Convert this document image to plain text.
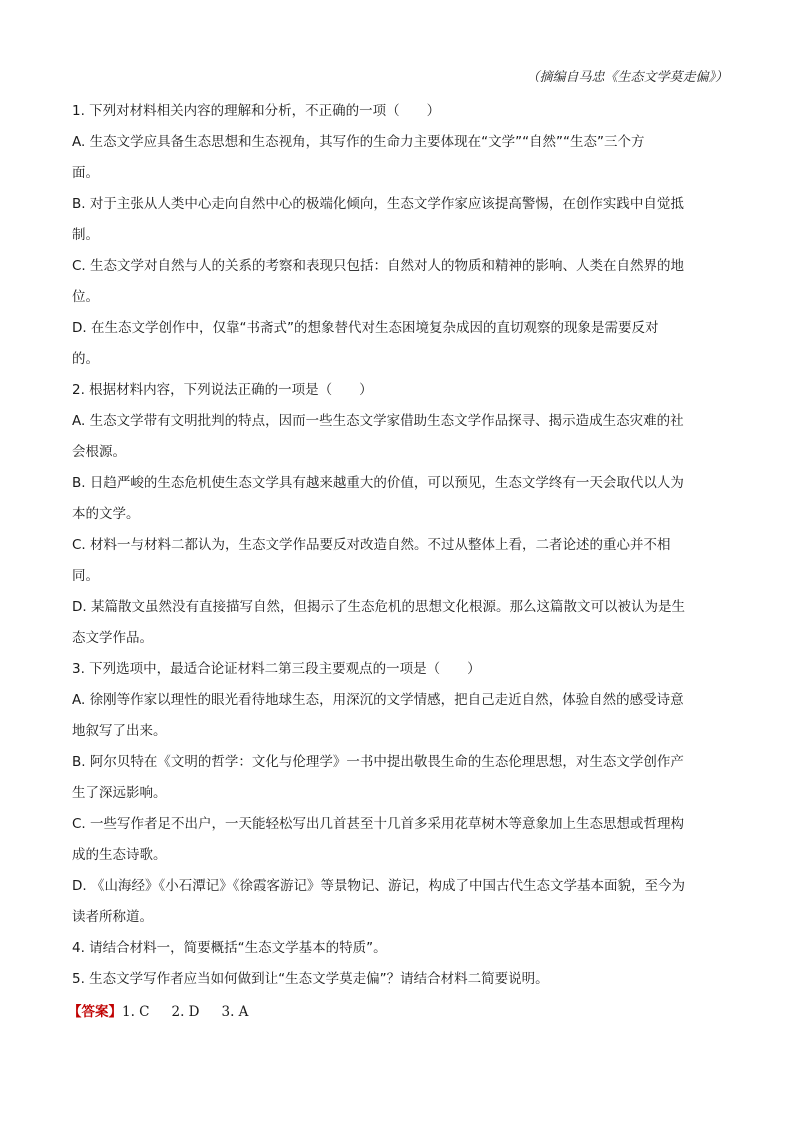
（摘编自马忠《生态文学莫走偏》）
1. 下列对材料相关内容的理解和分析，不正确的一项（　　）
A. 生态文学应具备生态思想和生态视角，其写作的生命力主要体现在“文学”“自然”“生态”三个方
面。
B. 对于主张从人类中心走向自然中心的极端化倾向，生态文学作家应该提高警惕，在创作实践中自觉抵
制。
C. 生态文学对自然与人的关系的考察和表现只包括：自然对人的物质和精神的影响、人类在自然界的地
位。
D. 在生态文学创作中，仅靠“书斋式”的想象替代对生态困境复杂成因的直切观察的现象是需要反对
的。
2. 根据材料内容，下列说法正确的一项是（　　）
A. 生态文学带有文明批判的特点，因而一些生态文学家借助生态文学作品探寻、揭示造成生态灾难的社
会根源。
B. 日趋严峻的生态危机使生态文学具有越来越重大的价值，可以预见，生态文学终有一天会取代以人为
本的文学。
C. 材料一与材料二都认为，生态文学作品要反对改造自然。不过从整体上看，二者论述的重心并不相
同。
D. 某篇散文虽然没有直接描写自然，但揭示了生态危机的思想文化根源。那么这篇散文可以被认为是生
态文学作品。
3. 下列选项中，最适合论证材料二第三段主要观点的一项是（　　）
A. 徐刚等作家以理性的眼光看待地球生态，用深沉的文学情感，把自己走近自然，体验自然的感受诗意
地叙写了出来。
B. 阿尔贝特在《文明的哲学：文化与伦理学》一书中提出敬畏生命的生态伦理思想，对生态文学创作产
生了深远影响。
C. 一些写作者足不出户，一天能轻松写出几首甚至十几首多采用花草树木等意象加上生态思想或哲理构
成的生态诗歌。
D. 《山海经》《小石潭记》《徐霞客游记》等景物记、游记，构成了中国古代生态文学基本面貌，至今为
读者所称道。
4. 请结合材料一，简要概括“生态文学基本的特质”。
5. 生态文学写作者应当如何做到让“生态文学莫走偏”？请结合材料二简要说明。
【答案】 1. C 2. D 3. A
